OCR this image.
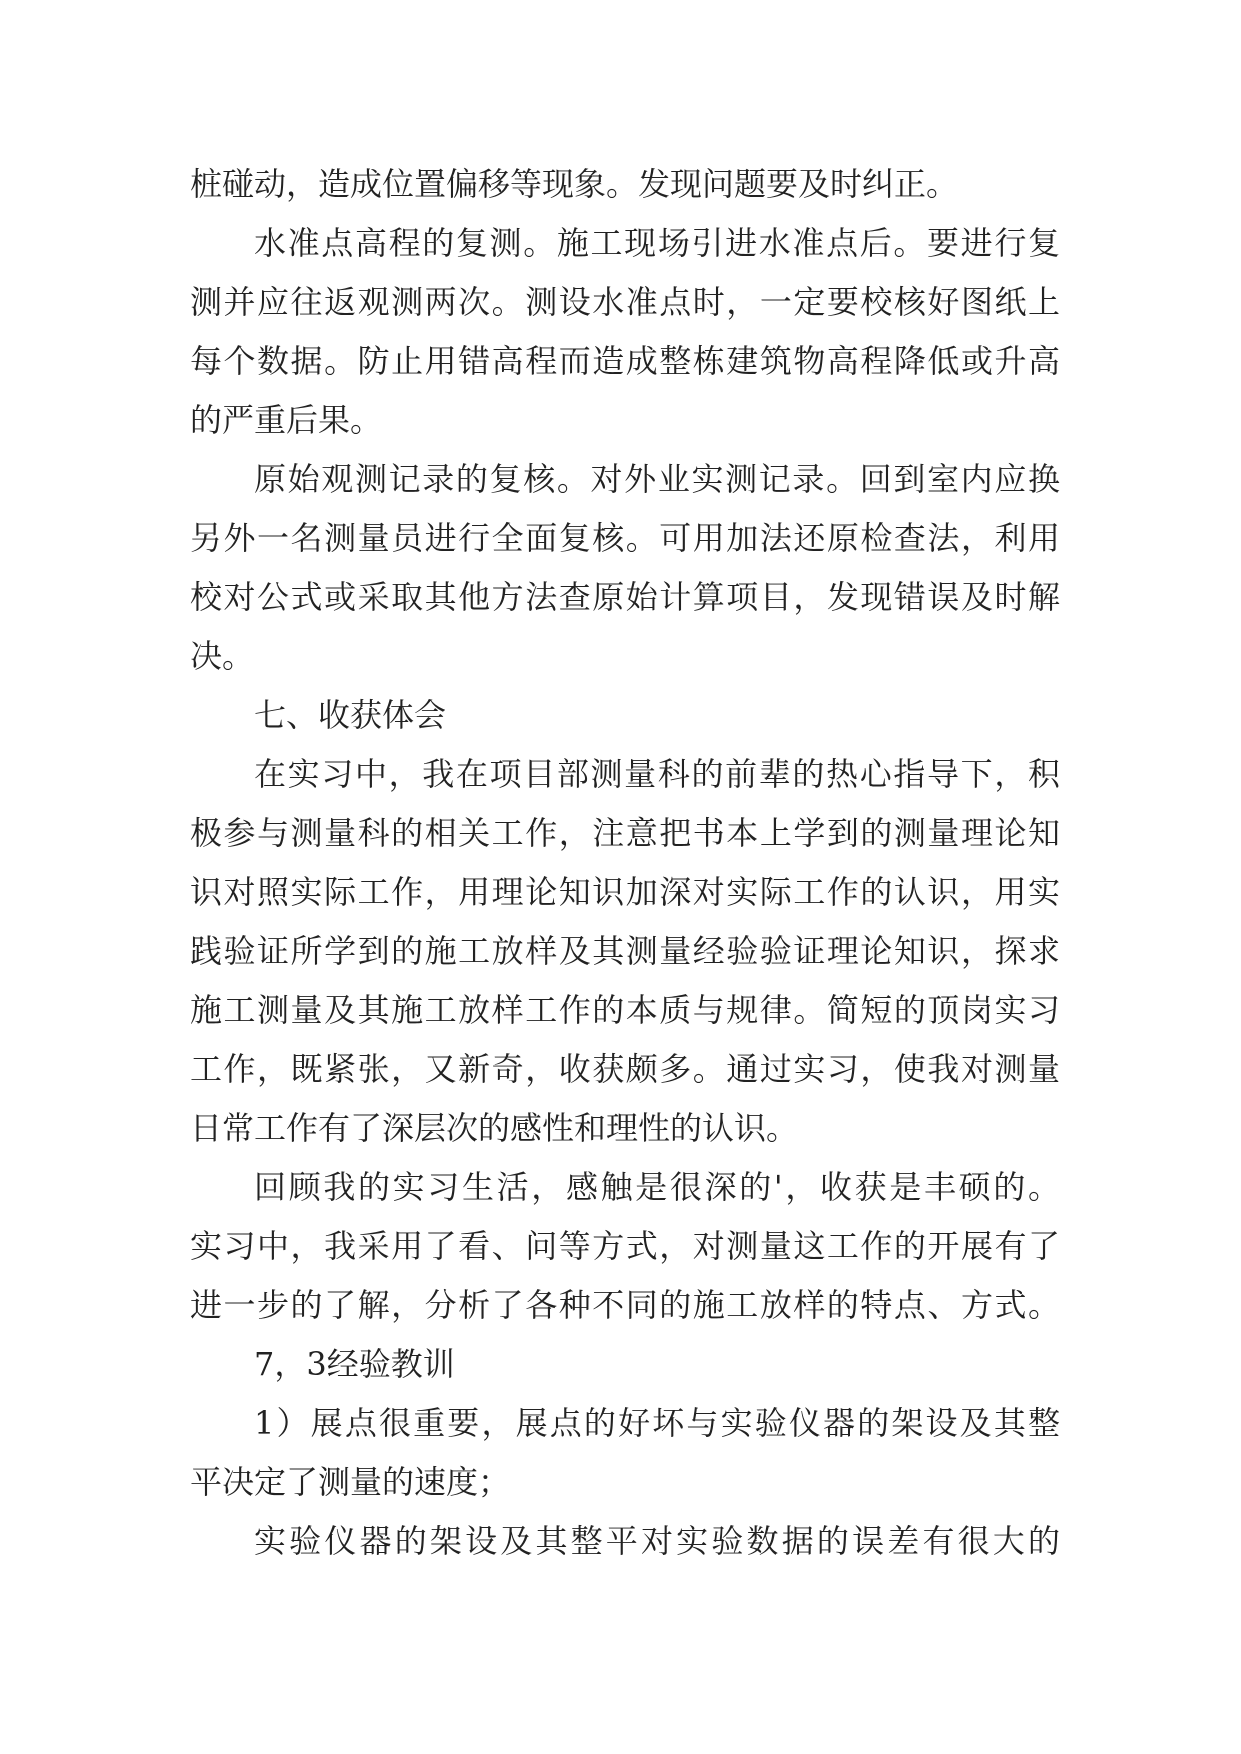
桩碰动，造成位置偏移等现象。发现问题要及时纠正。
水准点高程的复测。施工现场引进水准点后。要进行复
测并应往返观测两次。测设水准点时，一定要校核好图纸上
每个数据。防止用错高程而造成整栋建筑物高程降低或升高
的严重后果。
原始观测记录的复核。对外业实测记录。回到室内应换
另外一名测量员进行全面复核。可用加法还原检查法，利用
校对公式或采取其他方法查原始计算项目，发现错误及时解
决。
七、收获体会
在实习中，我在项目部测量科的前辈的热心指导下，积
极参与测量科的相关工作，注意把书本上学到的测量理论知
识对照实际工作，用理论知识加深对实际工作的认识，用实
践验证所学到的施工放样及其测量经验验证理论知识，探求
施工测量及其施工放样工作的本质与规律。简短的顶岗实习
工作，既紧张，又新奇，收获颇多。通过实习，使我对测量
日常工作有了深层次的感性和理性的认识。
回顾我的实习生活，感触是很深的'，收获是丰硕的。
实习中，我采用了看、问等方式，对测量这工作的开展有了
进一步的了解，分析了各种不同的施工放样的特点、方式。
7，3经验教训
1）展点很重要，展点的好坏与实验仪器的架设及其整
平决定了测量的速度；
实验仪器的架设及其整平对实验数据的误差有很大的
